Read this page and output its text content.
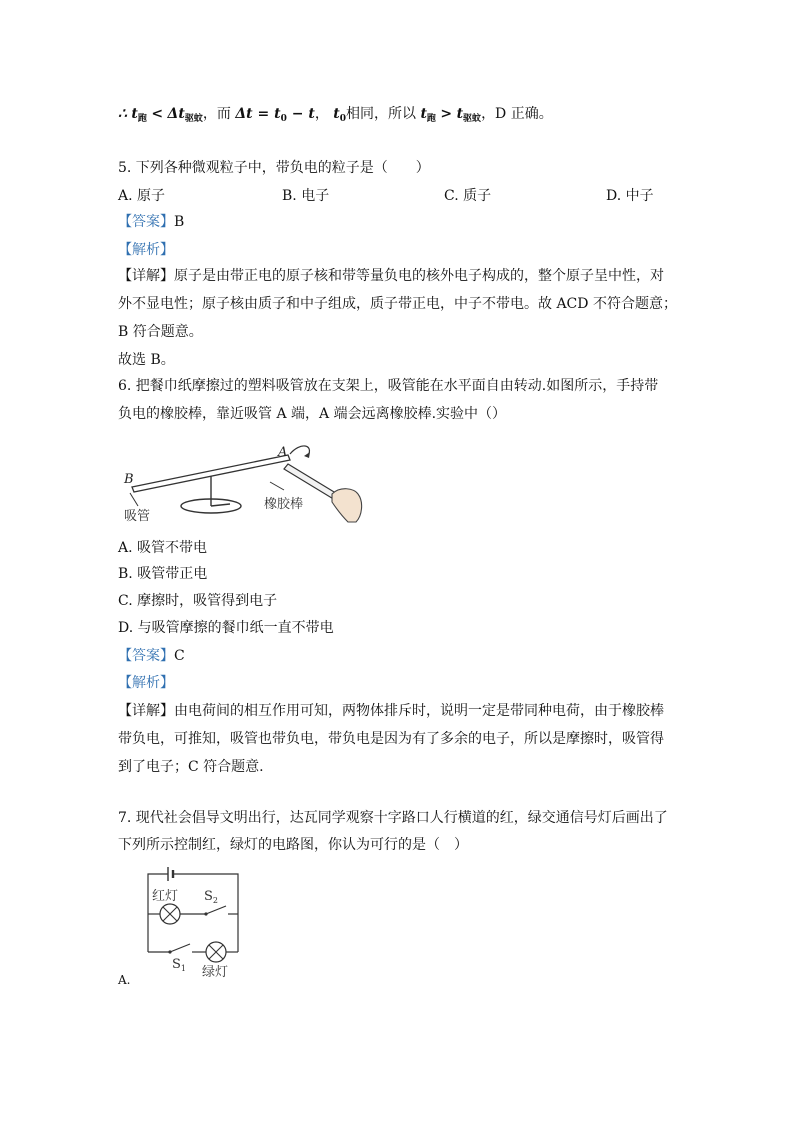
∴ $t_跑 < \Delta t_{驱蚊}$，而 $\Delta t = t_0 - t$， $t_0$相同，所以 $t_跑 > t_{驱蚊}$，D 正确。
5. 下列各种微观粒子中，带负电的粒子是（　　）
A. 原子	B. 电子	C. 质子	D. 中子
【答案】B
【解析】
【详解】原子是由带正电的原子核和带等量负电的核外电子构成的，整个原子呈中性，对
外不显电性；原子核由质子和中子组成，质子带正电，中子不带电。故 ACD 不符合题意；
B 符合题意。
故选 B。
6. 把餐巾纸摩擦过的塑料吸管放在支架上，吸管能在水平面自由转动.如图所示，手持带
负电的橡胶棒，靠近吸管 A 端，A 端会远离橡胶棒.实验中（）
A
B
吸管
橡胶棒
A. 吸管不带电
B. 吸管带正电
C. 摩擦时，吸管得到电子
D. 与吸管摩擦的餐巾纸一直不带电
【答案】C
【解析】
【详解】由电荷间的相互作用可知，两物体排斥时，说明一定是带同种电荷，由于橡胶棒
带负电，可推知，吸管也带负电，带负电是因为有了多余的电子，所以是摩擦时，吸管得
到了电子；C 符合题意.
7. 现代社会倡导文明出行，达瓦同学观察十字路口人行横道的红，绿交通信号灯后画出了
下列所示控制红，绿灯的电路图，你认为可行的是（　）
红灯 $S_2$
$S_1$ 绿灯
A.
